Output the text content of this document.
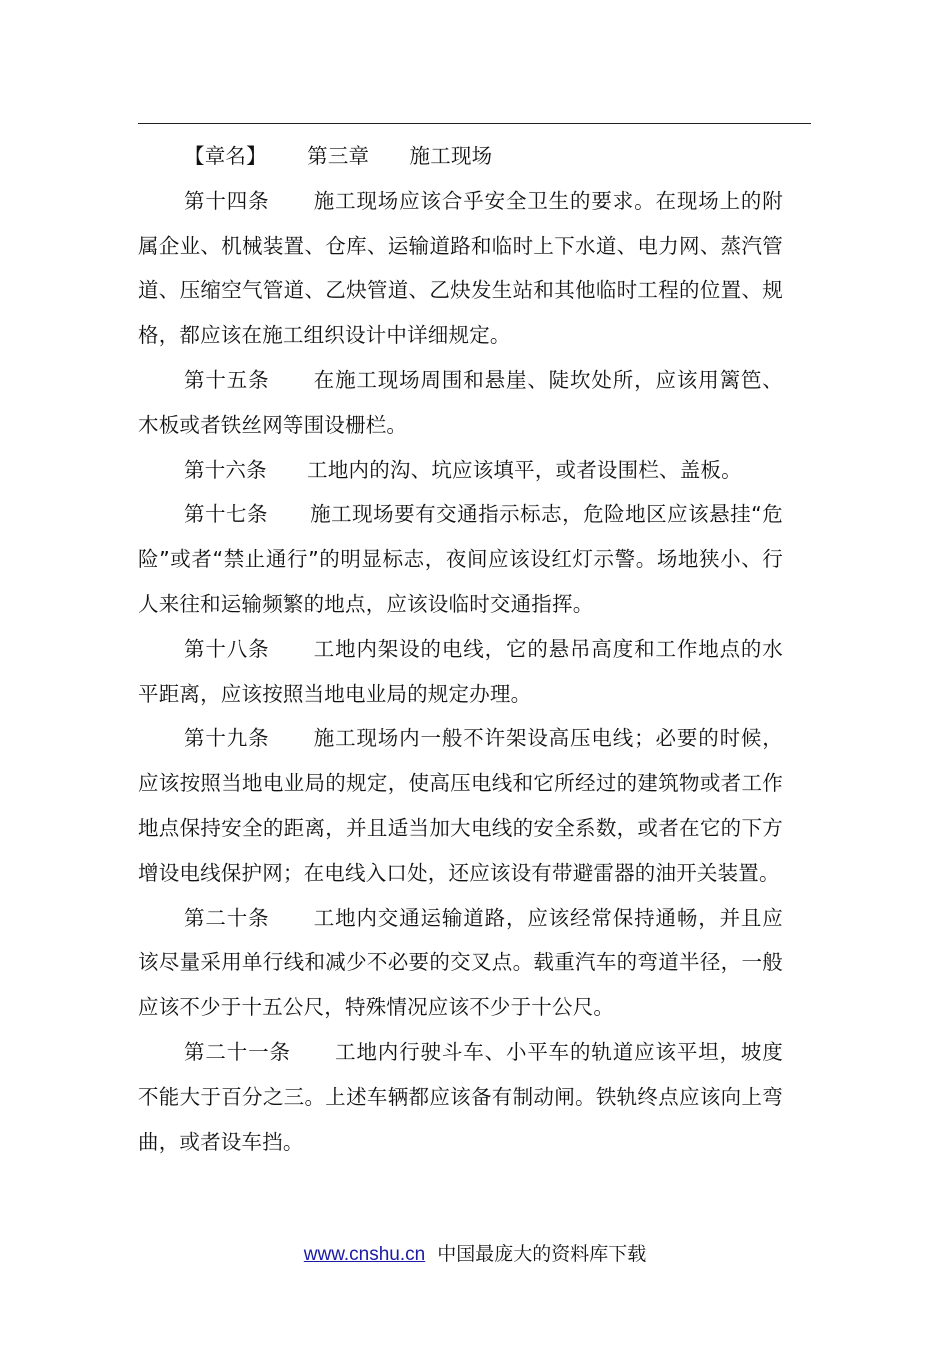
【章名】 第三章 施工现场

第十四条 施工现场应该合乎安全卫生的要求。在现场上的附属企业、机械装置、仓库、运输道路和临时上下水道、电力网、蒸汽管道、压缩空气管道、乙炔管道、乙炔发生站和其他临时工程的位置、规格，都应该在施工组织设计中详细规定。

第十五条 在施工现场周围和悬崖、陡坎处所，应该用篱笆、木板或者铁丝网等围设栅栏。

第十六条 工地内的沟、坑应该填平，或者设围栏、盖板。

第十七条 施工现场要有交通指示标志，危险地区应该悬挂“危险”或者“禁止通行”的明显标志，夜间应该设红灯示警。场地狭小、行人来往和运输频繁的地点，应该设临时交通指挥。

第十八条 工地内架设的电线，它的悬吊高度和工作地点的水平距离，应该按照当地电业局的规定办理。

第十九条 施工现场内一般不许架设高压电线；必要的时候，应该按照当地电业局的规定，使高压电线和它所经过的建筑物或者工作地点保持安全的距离，并且适当加大电线的安全系数，或者在它的下方增设电线保护网；在电线入口处，还应该设有带避雷器的油开关装置。

第二十条 工地内交通运输道路，应该经常保持通畅，并且应该尽量采用单行线和减少不必要的交叉点。载重汽车的弯道半径，一般应该不少于十五公尺，特殊情况应该不少于十公尺。

第二十一条 工地内行驶斗车、小平车的轨道应该平坦，坡度不能大于百分之三。上述车辆都应该备有制动闸。铁轨终点应该向上弯曲，或者设车挡。

www.cnshu.cn 中国最庞大的资料库下载
